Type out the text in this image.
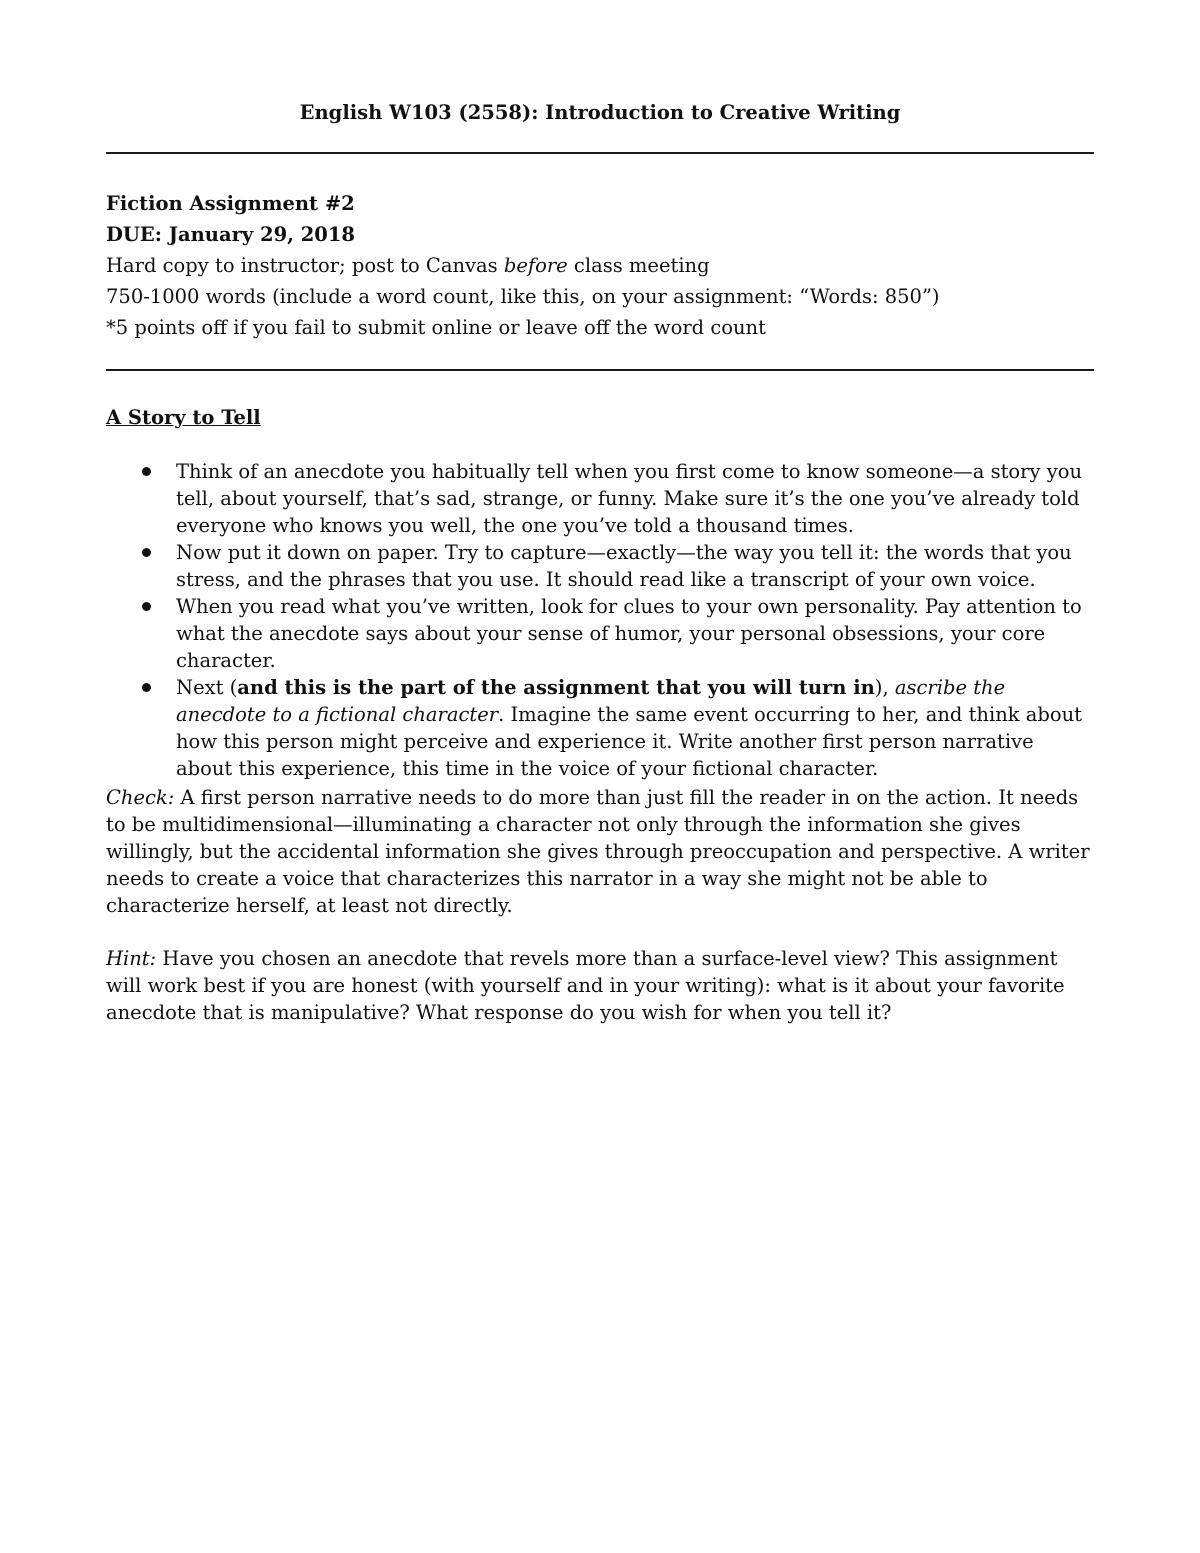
English W103 (2558): Introduction to Creative Writing

Fiction Assignment #2

DUE: January 29, 2018

Hard copy to instructor; post to Canvas before class meeting

750-1000 words (include a word count, like this, on your assignment: “Words: 850”)

*5 points off if you fail to submit online or leave off the word count

A Story to Tell
Think of an anecdote you habitually tell when you first come to know someone—a story you tell, about yourself, that’s sad, strange, or funny. Make sure it’s the one you’ve already told everyone who knows you well, the one you’ve told a thousand times.
Now put it down on paper. Try to capture—exactly—the way you tell it: the words that you stress, and the phrases that you use. It should read like a transcript of your own voice.
When you read what you’ve written, look for clues to your own personality. Pay attention to what the anecdote says about your sense of humor, your personal obsessions, your core character.
Next (and this is the part of the assignment that you will turn in), ascribe the anecdote to a fictional character. Imagine the same event occurring to her, and think about how this person might perceive and experience it. Write another first person narrative about this experience, this time in the voice of your fictional character.

Check: A first person narrative needs to do more than just fill the reader in on the action. It needs to be multidimensional—illuminating a character not only through the information she gives willingly, but the accidental information she gives through preoccupation and perspective. A writer needs to create a voice that characterizes this narrator in a way she might not be able to characterize herself, at least not directly.

Hint: Have you chosen an anecdote that revels more than a surface-level view? This assignment will work best if you are honest (with yourself and in your writing): what is it about your favorite anecdote that is manipulative? What response do you wish for when you tell it?
